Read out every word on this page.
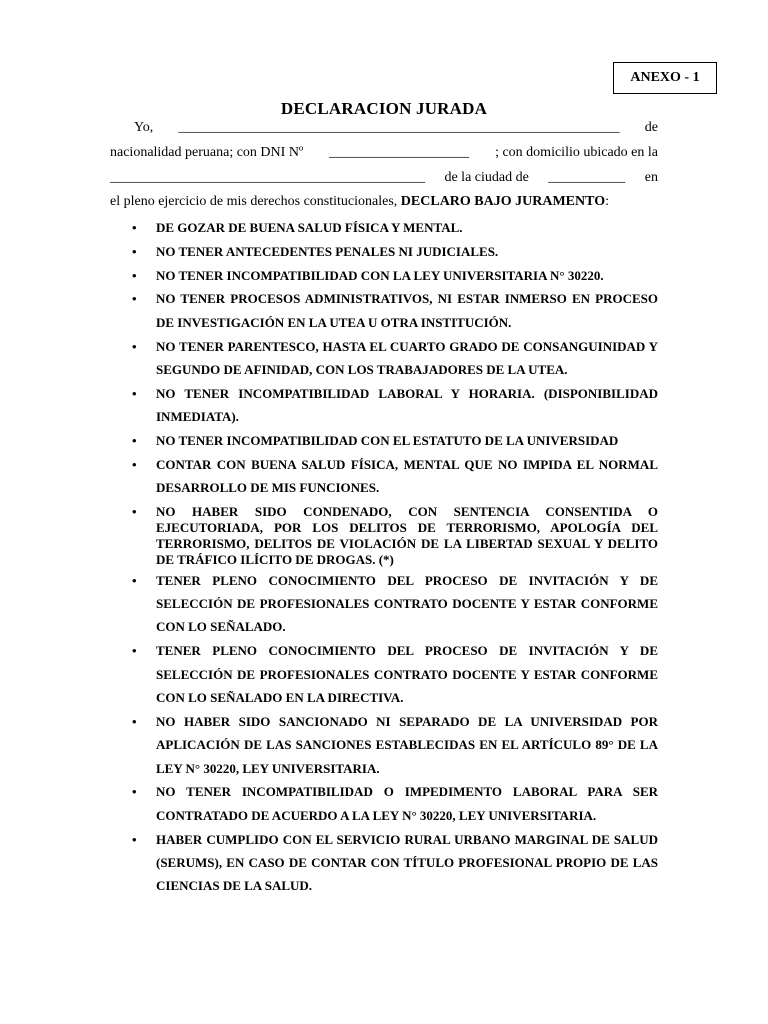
ANEXO - 1
DECLARACION JURADA
Yo, _______________________________________________________________ de
nacionalidad peruana; con DNI Nº ____________________ ; con domicilio ubicado en la
_____________________________________________ de la ciudad de ___________ en
el pleno ejercicio de mis derechos constitucionales, DECLARO BAJO JURAMENTO:
• DE GOZAR DE BUENA SALUD FÍSICA Y MENTAL.
• NO TENER ANTECEDENTES PENALES NI JUDICIALES.
• NO TENER INCOMPATIBILIDAD CON LA LEY UNIVERSITARIA N° 30220.
• NO TENER PROCESOS ADMINISTRATIVOS, NI ESTAR INMERSO EN PROCESO DE INVESTIGACIÓN EN LA UTEA U OTRA INSTITUCIÓN.
• NO TENER PARENTESCO, HASTA EL CUARTO GRADO DE CONSANGUINIDAD Y SEGUNDO DE AFINIDAD, CON LOS TRABAJADORES DE LA UTEA.
• NO TENER INCOMPATIBILIDAD LABORAL Y HORARIA. (DISPONIBILIDAD INMEDIATA).
• NO TENER INCOMPATIBILIDAD CON EL ESTATUTO DE LA UNIVERSIDAD
• CONTAR CON BUENA SALUD FÍSICA, MENTAL QUE NO IMPIDA EL NORMAL DESARROLLO DE MIS FUNCIONES.
• NO HABER SIDO CONDENADO, CON SENTENCIA CONSENTIDA O EJECUTORIADA, POR LOS DELITOS DE TERRORISMO, APOLOGÍA DEL TERRORISMO, DELITOS DE VIOLACIÓN DE LA LIBERTAD SEXUAL Y DELITO DE TRÁFICO ILÍCITO DE DROGAS. (*)
• TENER PLENO CONOCIMIENTO DEL PROCESO DE INVITACIÓN Y DE SELECCIÓN DE PROFESIONALES CONTRATO DOCENTE Y ESTAR CONFORME CON LO SEÑALADO.
• TENER PLENO CONOCIMIENTO DEL PROCESO DE INVITACIÓN Y DE SELECCIÓN DE PROFESIONALES CONTRATO DOCENTE Y ESTAR CONFORME CON LO SEÑALADO EN LA DIRECTIVA.
• NO HABER SIDO SANCIONADO NI SEPARADO DE LA UNIVERSIDAD POR APLICACIÓN DE LAS SANCIONES ESTABLECIDAS EN EL ARTÍCULO 89° DE LA LEY N° 30220, LEY UNIVERSITARIA.
• NO TENER INCOMPATIBILIDAD O IMPEDIMENTO LABORAL PARA SER CONTRATADO DE ACUERDO A LA LEY N° 30220, LEY UNIVERSITARIA.
• HABER CUMPLIDO CON EL SERVICIO RURAL URBANO MARGINAL DE SALUD (SERUMS), EN CASO DE CONTAR CON TÍTULO PROFESIONAL PROPIO DE LAS CIENCIAS DE LA SALUD.
